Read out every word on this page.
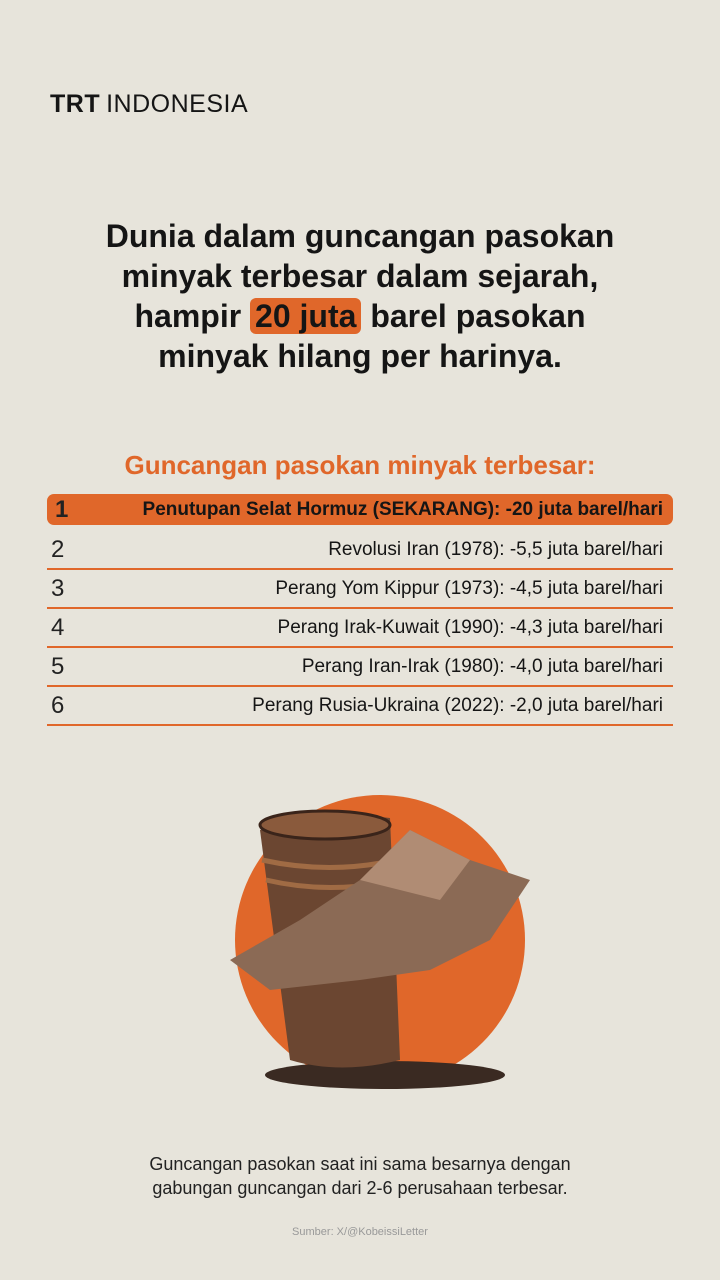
TRT INDONESIA
Dunia dalam guncangan pasokan
minyak terbesar dalam sejarah,
hampir 20 juta barel pasokan
minyak hilang per harinya.
Guncangan pasokan minyak terbesar:
1	Penutupan Selat Hormuz (SEKARANG): -20 juta barel/hari
2	Revolusi Iran (1978): -5,5 juta barel/hari
3	Perang Yom Kippur (1973): -4,5 juta barel/hari
4	Perang Irak-Kuwait (1990): -4,3 juta barel/hari
5	Perang Iran-Irak (1980): -4,0 juta barel/hari
6	Perang Rusia-Ukraina (2022): -2,0 juta barel/hari
Guncangan pasokan saat ini sama besarnya dengan
gabungan guncangan dari 2-6 perusahaan terbesar.
Sumber: X/@KobeissiLetter
